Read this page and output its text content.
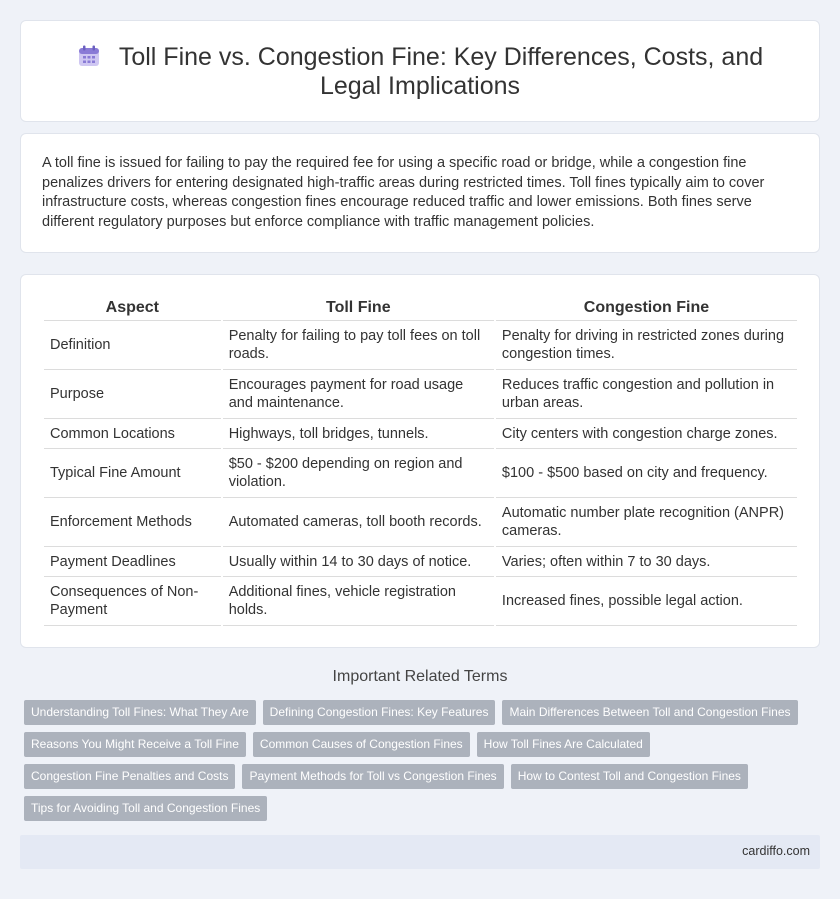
Toll Fine vs. Congestion Fine: Key Differences, Costs, and Legal Implications

A toll fine is issued for failing to pay the required fee for using a specific road or bridge, while a congestion fine penalizes drivers for entering designated high-traffic areas during restricted times. Toll fines typically aim to cover infrastructure costs, whereas congestion fines encourage reduced traffic and lower emissions. Both fines serve different regulatory purposes but enforce compliance with traffic management policies.

Aspect	Toll Fine	Congestion Fine
Definition	Penalty for failing to pay toll fees on toll roads.	Penalty for driving in restricted zones during congestion times.
Purpose	Encourages payment for road usage and maintenance.	Reduces traffic congestion and pollution in urban areas.
Common Locations	Highways, toll bridges, tunnels.	City centers with congestion charge zones.
Typical Fine Amount	$50 - $200 depending on region and violation.	$100 - $500 based on city and frequency.
Enforcement Methods	Automated cameras, toll booth records.	Automatic number plate recognition (ANPR) cameras.
Payment Deadlines	Usually within 14 to 30 days of notice.	Varies; often within 7 to 30 days.
Consequences of Non-Payment	Additional fines, vehicle registration holds.	Increased fines, possible legal action.
Important Related Terms
Understanding Toll Fines: What They Are	Defining Congestion Fines: Key Features	Main Differences Between Toll and Congestion Fines
Reasons You Might Receive a Toll Fine	Common Causes of Congestion Fines	How Toll Fines Are Calculated
Congestion Fine Penalties and Costs	Payment Methods for Toll vs Congestion Fines	How to Contest Toll and Congestion Fines
Tips for Avoiding Toll and Congestion Fines
cardiffo.com
